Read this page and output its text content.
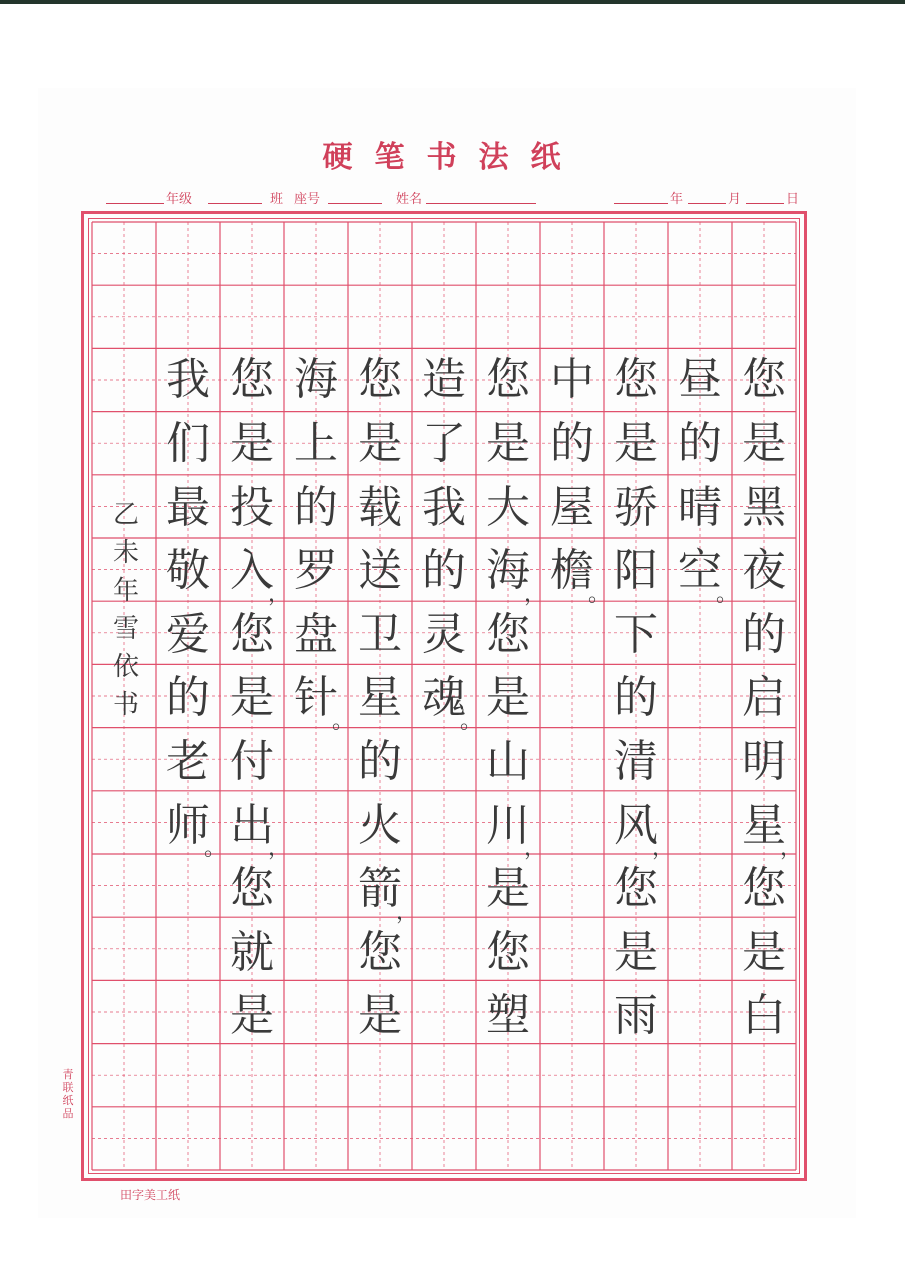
硬笔书法纸
年级	班 座号	姓名	年	月	日
您
是
黑
夜
的
启
明
星
，
您
是
白
昼
的
晴
空
。
您
是
骄
阳
下
的
清
风
，
您
是
雨
中
的
屋
檐
。
您
是
大
海
，
您
是
山
川
，
是
您
塑
造
了
我
的
灵
魂
。
您
是
载
送
卫
星
的
火
箭
，
您
是
海
上
的
罗
盘
针
。
您
是
投
入
，
您
是
付
出
，
您
就
是
我
们
最
敬
爱
的
老
师
。
乙
未
年
雪
依
书
青联纸品
田字美工纸
